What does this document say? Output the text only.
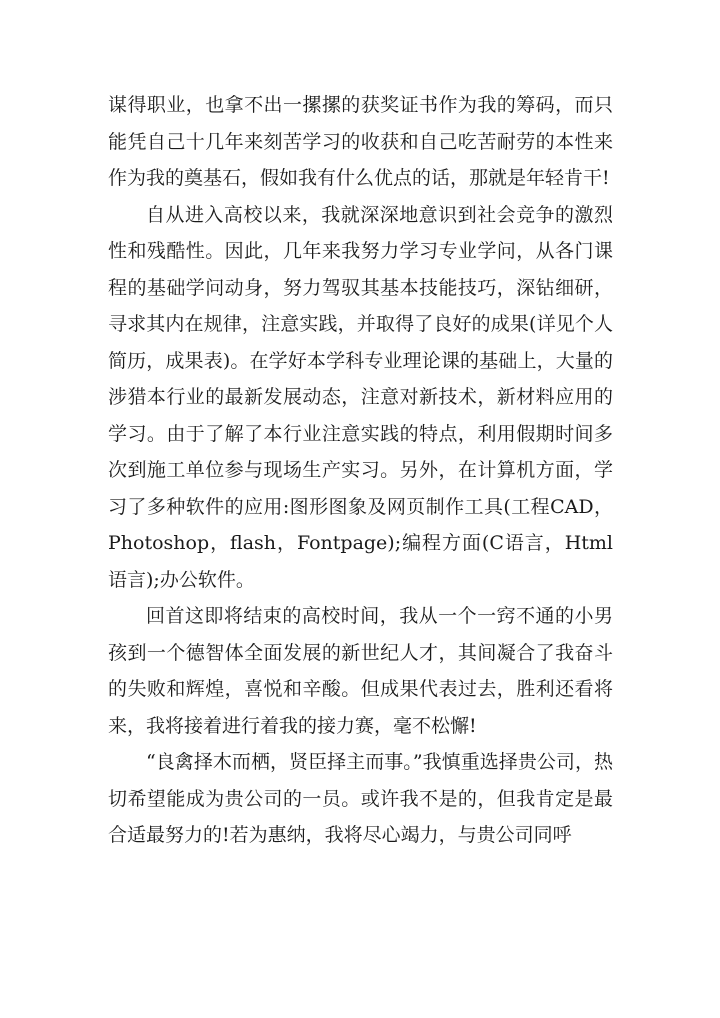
谋得职业，也拿不出一摞摞的获奖证书作为我的筹码，而只能凭自己十几年来刻苦学习的收获和自己吃苦耐劳的本性来作为我的奠基石，假如我有什么优点的话，那就是年轻肯干!

自从进入高校以来，我就深深地意识到社会竞争的激烈性和残酷性。因此，几年来我努力学习专业学问，从各门课程的基础学问动身，努力驾驭其基本技能技巧，深钻细研，寻求其内在规律，注意实践，并取得了良好的成果(详见个人简历，成果表)。在学好本学科专业理论课的基础上，大量的涉猎本行业的最新发展动态，注意对新技术，新材料应用的学习。由于了解了本行业注意实践的特点，利用假期时间多次到施工单位参与现场生产实习。另外，在计算机方面，学习了多种软件的应用:图形图象及网页制作工具(工程CAD，Photoshop，flash，Fontpage);编程方面(C语言，Html语言);办公软件。

回首这即将结束的高校时间，我从一个一窍不通的小男孩到一个德智体全面发展的新世纪人才，其间凝合了我奋斗的失败和辉煌，喜悦和辛酸。但成果代表过去，胜利还看将来，我将接着进行着我的接力赛，毫不松懈!

“良禽择木而栖，贤臣择主而事。”我慎重选择贵公司，热切希望能成为贵公司的一员。或许我不是的，但我肯定是最合适最努力的!若为惠纳，我将尽心竭力，与贵公司同呼
